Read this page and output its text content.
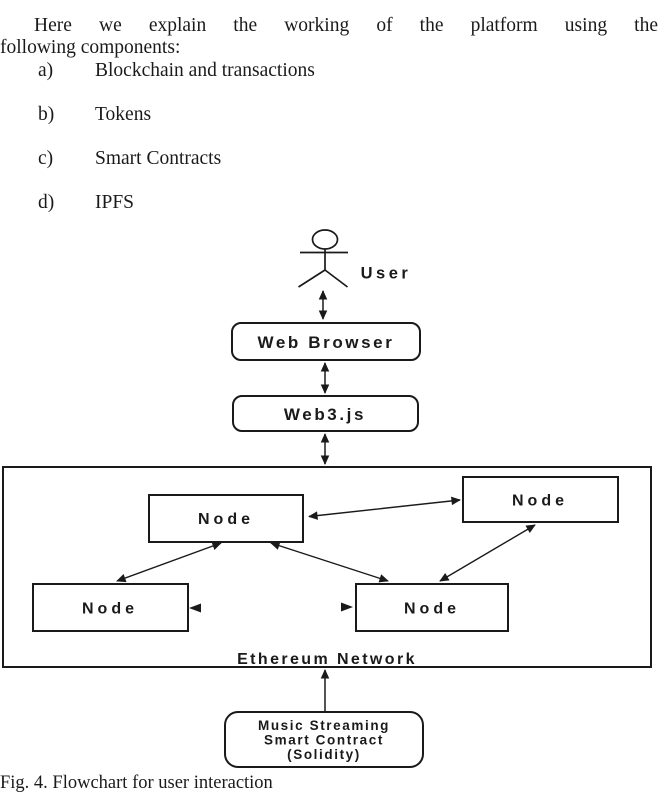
Here we explain the working of the platform using the
following components:

a) Blockchain and transactions
b) Tokens
c) Smart Contracts
d) IPFS
User
Web Browser
Web3.js
Ethereum Network
Node
Node
Node	Node
Music Streaming
Smart Contract
(Solidity)
Fig. 4. Flowchart for user interaction
